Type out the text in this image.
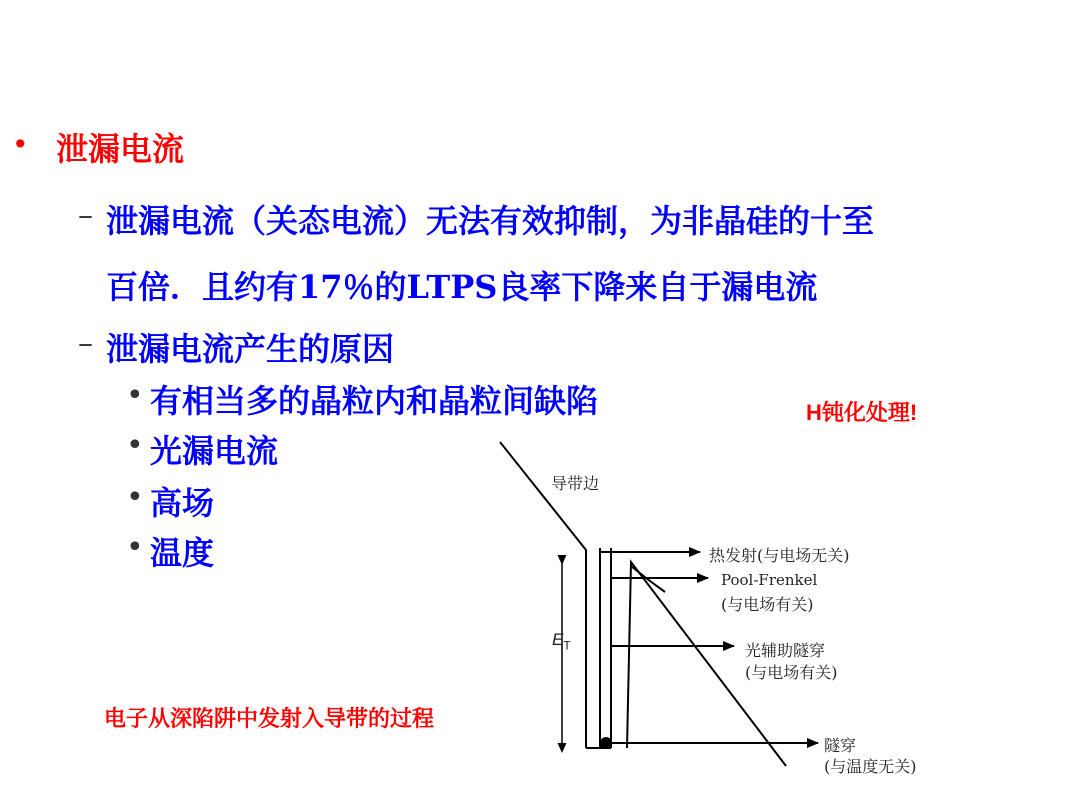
• 泄漏电流
– 泄漏电流（关态电流）无法有效抑制，为非晶硅的十至
百倍．且约有17％的LTPS良率下降来自于漏电流
– 泄漏电流产生的原因
• 有相当多的晶粒内和晶粒间缺陷
• 光漏电流
• 高场
• 温度
H钝化处理!
电子从深陷阱中发射入导带的过程
导带边
$E_T$
热发射(与电场无关)
Pool-Frenkel
(与电场有关)
光辅助隧穿
(与电场有关)
隧穿
(与温度无关)
